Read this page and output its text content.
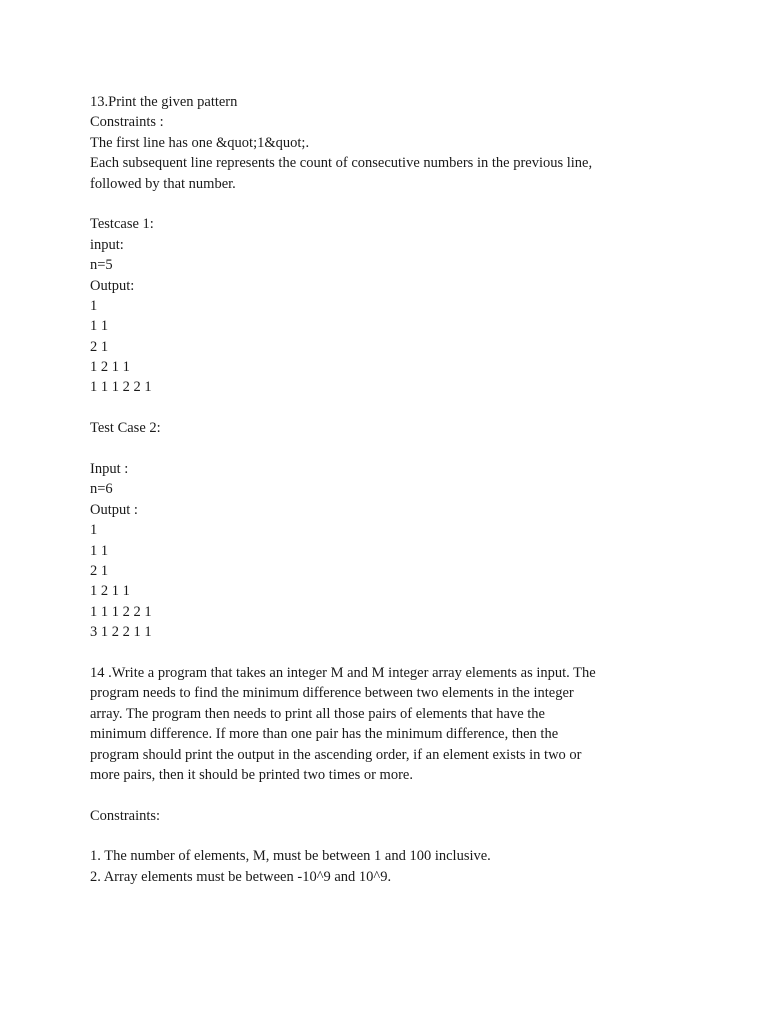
13.Print the given pattern
Constraints :
The first line has one &quot;1&quot;.
Each subsequent line represents the count of consecutive numbers in the previous line,
followed by that number.
Testcase 1:
input:
n=5
Output:
1
1 1
2 1
1 2 1 1
1 1 1 2 2 1
Test Case 2:
Input :
n=6
Output :
1
1 1
2 1
1 2 1 1
1 1 1 2 2 1
3 1 2 2 1 1
14 .Write a program that takes an integer M and M integer array elements as input. The
program needs to find the minimum difference between two elements in the integer
array. The program then needs to print all those pairs of elements that have the
minimum difference. If more than one pair has the minimum difference, then the
program should print the output in the ascending order, if an element exists in two or
more pairs, then it should be printed two times or more.
Constraints:
1. The number of elements, M, must be between 1 and 100 inclusive.
2. Array elements must be between -10^9 and 10^9.
